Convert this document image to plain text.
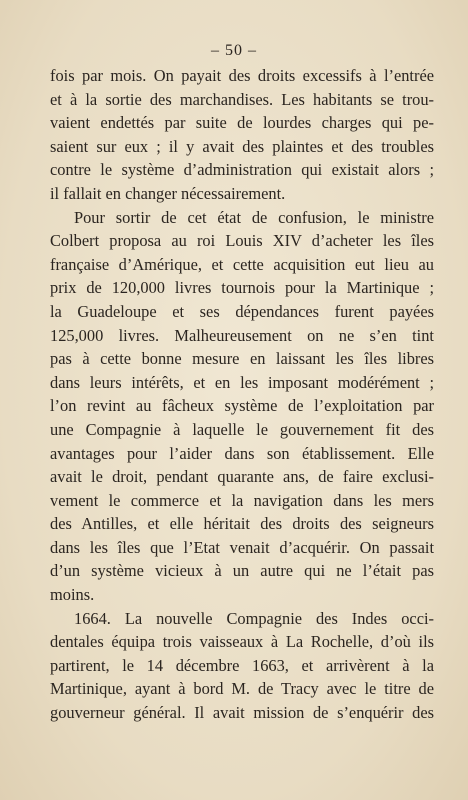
– 50 –
fois par mois. On payait des droits excessifs à l’entrée
et à la sortie des marchandises. Les habitants se trou-
vaient endettés par suite de lourdes charges qui pe-
saient sur eux ; il y avait des plaintes et des troubles
contre le système d’administration qui existait alors ;
il fallait en changer nécessairement.
Pour sortir de cet état de confusion, le ministre
Colbert proposa au roi Louis XIV d’acheter les îles
française d’Amérique, et cette acquisition eut lieu au
prix de 120,000 livres tournois pour la Martinique ;
la Guadeloupe et ses dépendances furent payées
125,000 livres. Malheureusement on ne s’en tint
pas à cette bonne mesure en laissant les îles libres
dans leurs intérêts, et en les imposant modérément ;
l’on revint au fâcheux système de l’exploitation par
une Compagnie à laquelle le gouvernement fit des
avantages pour l’aider dans son établissement. Elle
avait le droit, pendant quarante ans, de faire exclusi-
vement le commerce et la navigation dans les mers
des Antilles, et elle héritait des droits des seigneurs
dans les îles que l’Etat venait d’acquérir. On passait
d’un système vicieux à un autre qui ne l’était pas
moins.
1664. La nouvelle Compagnie des Indes occi-
dentales équipa trois vaisseaux à La Rochelle, d’où ils
partirent, le 14 décembre 1663, et arrivèrent à la
Martinique, ayant à bord M. de Tracy avec le titre de
gouverneur général. Il avait mission de s’enquérir des
